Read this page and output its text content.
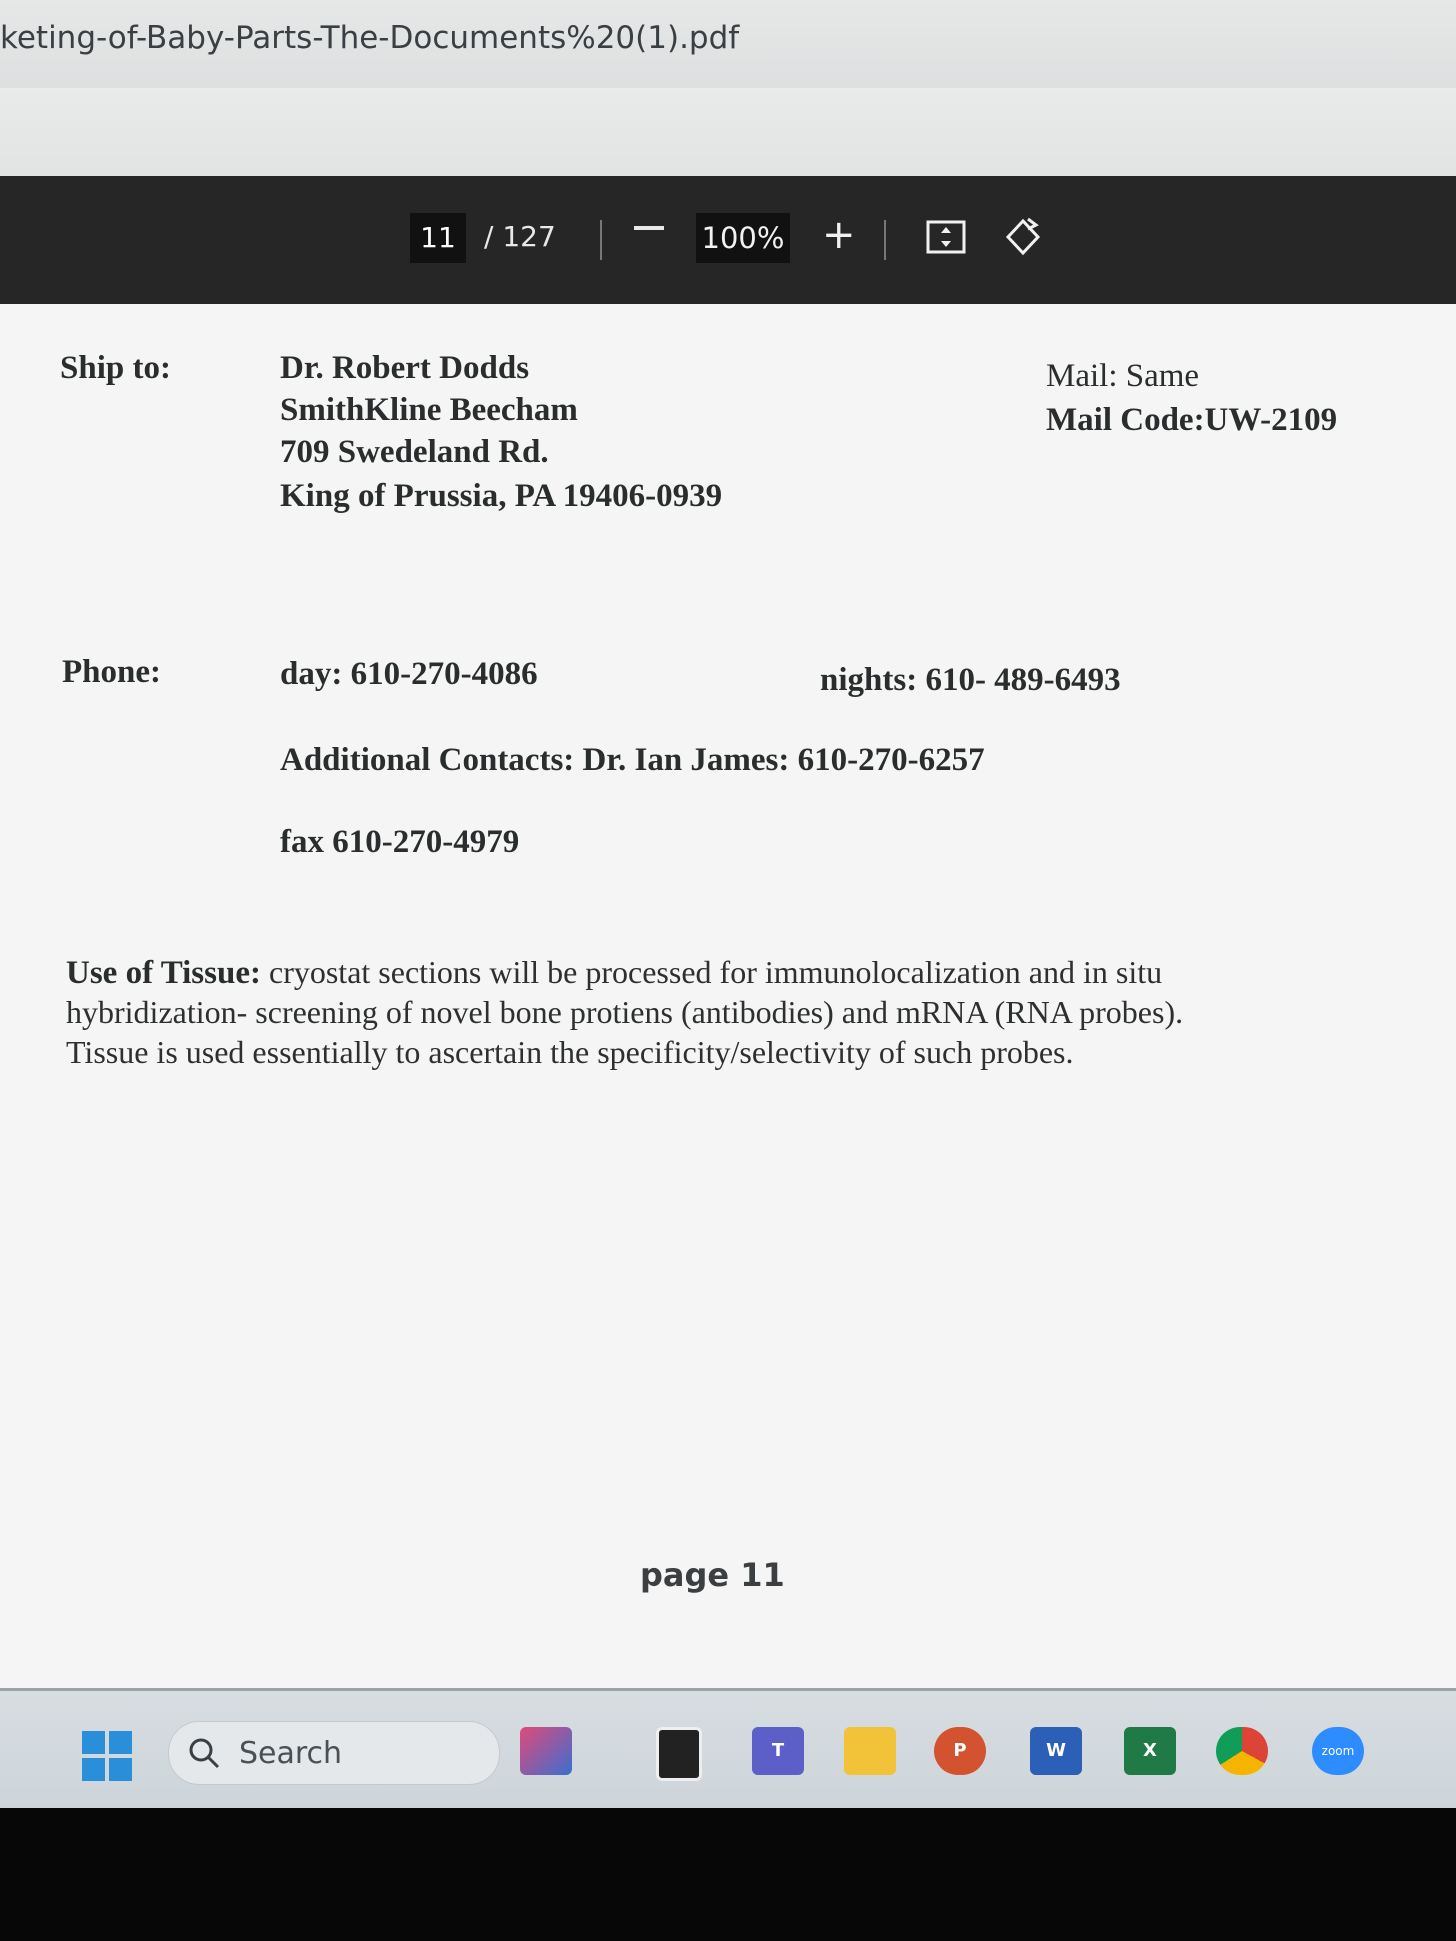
keting-of-Baby-Parts-The-Documents%20(1).pdf
11	/ 127	100% +
Ship to:	Dr. Robert Dodds
SmithKline Beecham
709 Swedeland Rd.
King of Prussia, PA 19406-0939
Mail: Same
Mail Code:UW-2109
Phone:	day: 610-270-4086	nights: 610- 489-6493
Additional Contacts: Dr. Ian James: 610-270-6257
fax 610-270-4979
Use of Tissue: cryostat sections will be processed for immunolocalization and in situ
hybridization- screening of novel bone protiens (antibodies) and mRNA (RNA probes).
Tissue is used essentially to ascertain the specificity/selectivity of such probes.
page 11
Search	T	P	W	X	zoom
